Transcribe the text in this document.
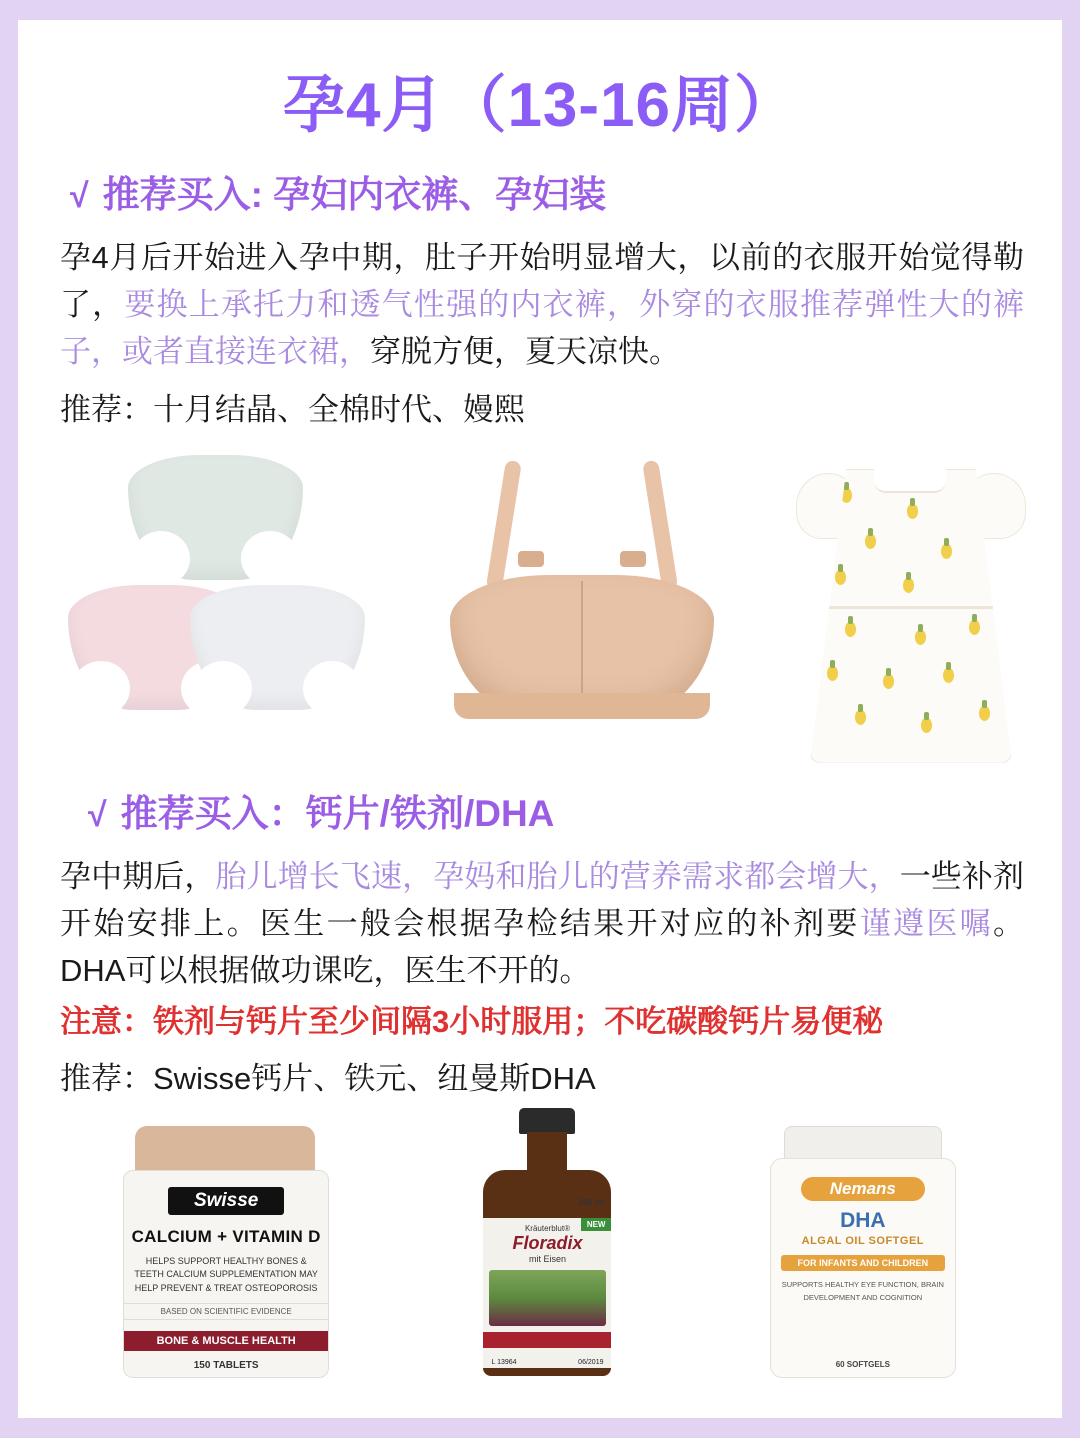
孕4月（13-16周）
√ 推荐买入: 孕妇内衣裤、孕妇装

孕4月后开始进入孕中期，肚子开始明显增大，以前的衣服开始觉得勒了，要换上承托力和透气性强的内衣裤，外穿的衣服推荐弹性大的裤子，或者直接连衣裙，穿脱方便，夏天凉快。

推荐：十月结晶、全棉时代、嫚熙
√ 推荐买入：钙片/铁剂/DHA

孕中期后，胎儿增长飞速，孕妈和胎儿的营养需求都会增大，一些补剂开始安排上。医生一般会根据孕检结果开对应的补剂要谨遵医嘱。DHA可以根据做功课吃，医生不开的。

注意：铁剂与钙片至少间隔3小时服用；不吃碳酸钙片易便秘
推荐：Swisse钙片、铁元、纽曼斯DHA
Swisse
CALCIUM + VITAMIN D
HELPS SUPPORT HEALTHY BONES & TEETH CALCIUM SUPPLEMENTATION MAY HELP PREVENT & TREAT OSTEOPOROSIS
BASED ON SCIENTIFIC EVIDENCE
BONE & MUSCLE HEALTH
150 TABLETS
500 ml
NEW
Kräuterblut®
Floradix
mit Eisen
L 13964	06/2019
Nemans
DHA
ALGAL OIL SOFTGEL
FOR INFANTS AND CHILDREN
SUPPORTS HEALTHY EYE FUNCTION, BRAIN DEVELOPMENT AND COGNITION
60 SOFTGELS
